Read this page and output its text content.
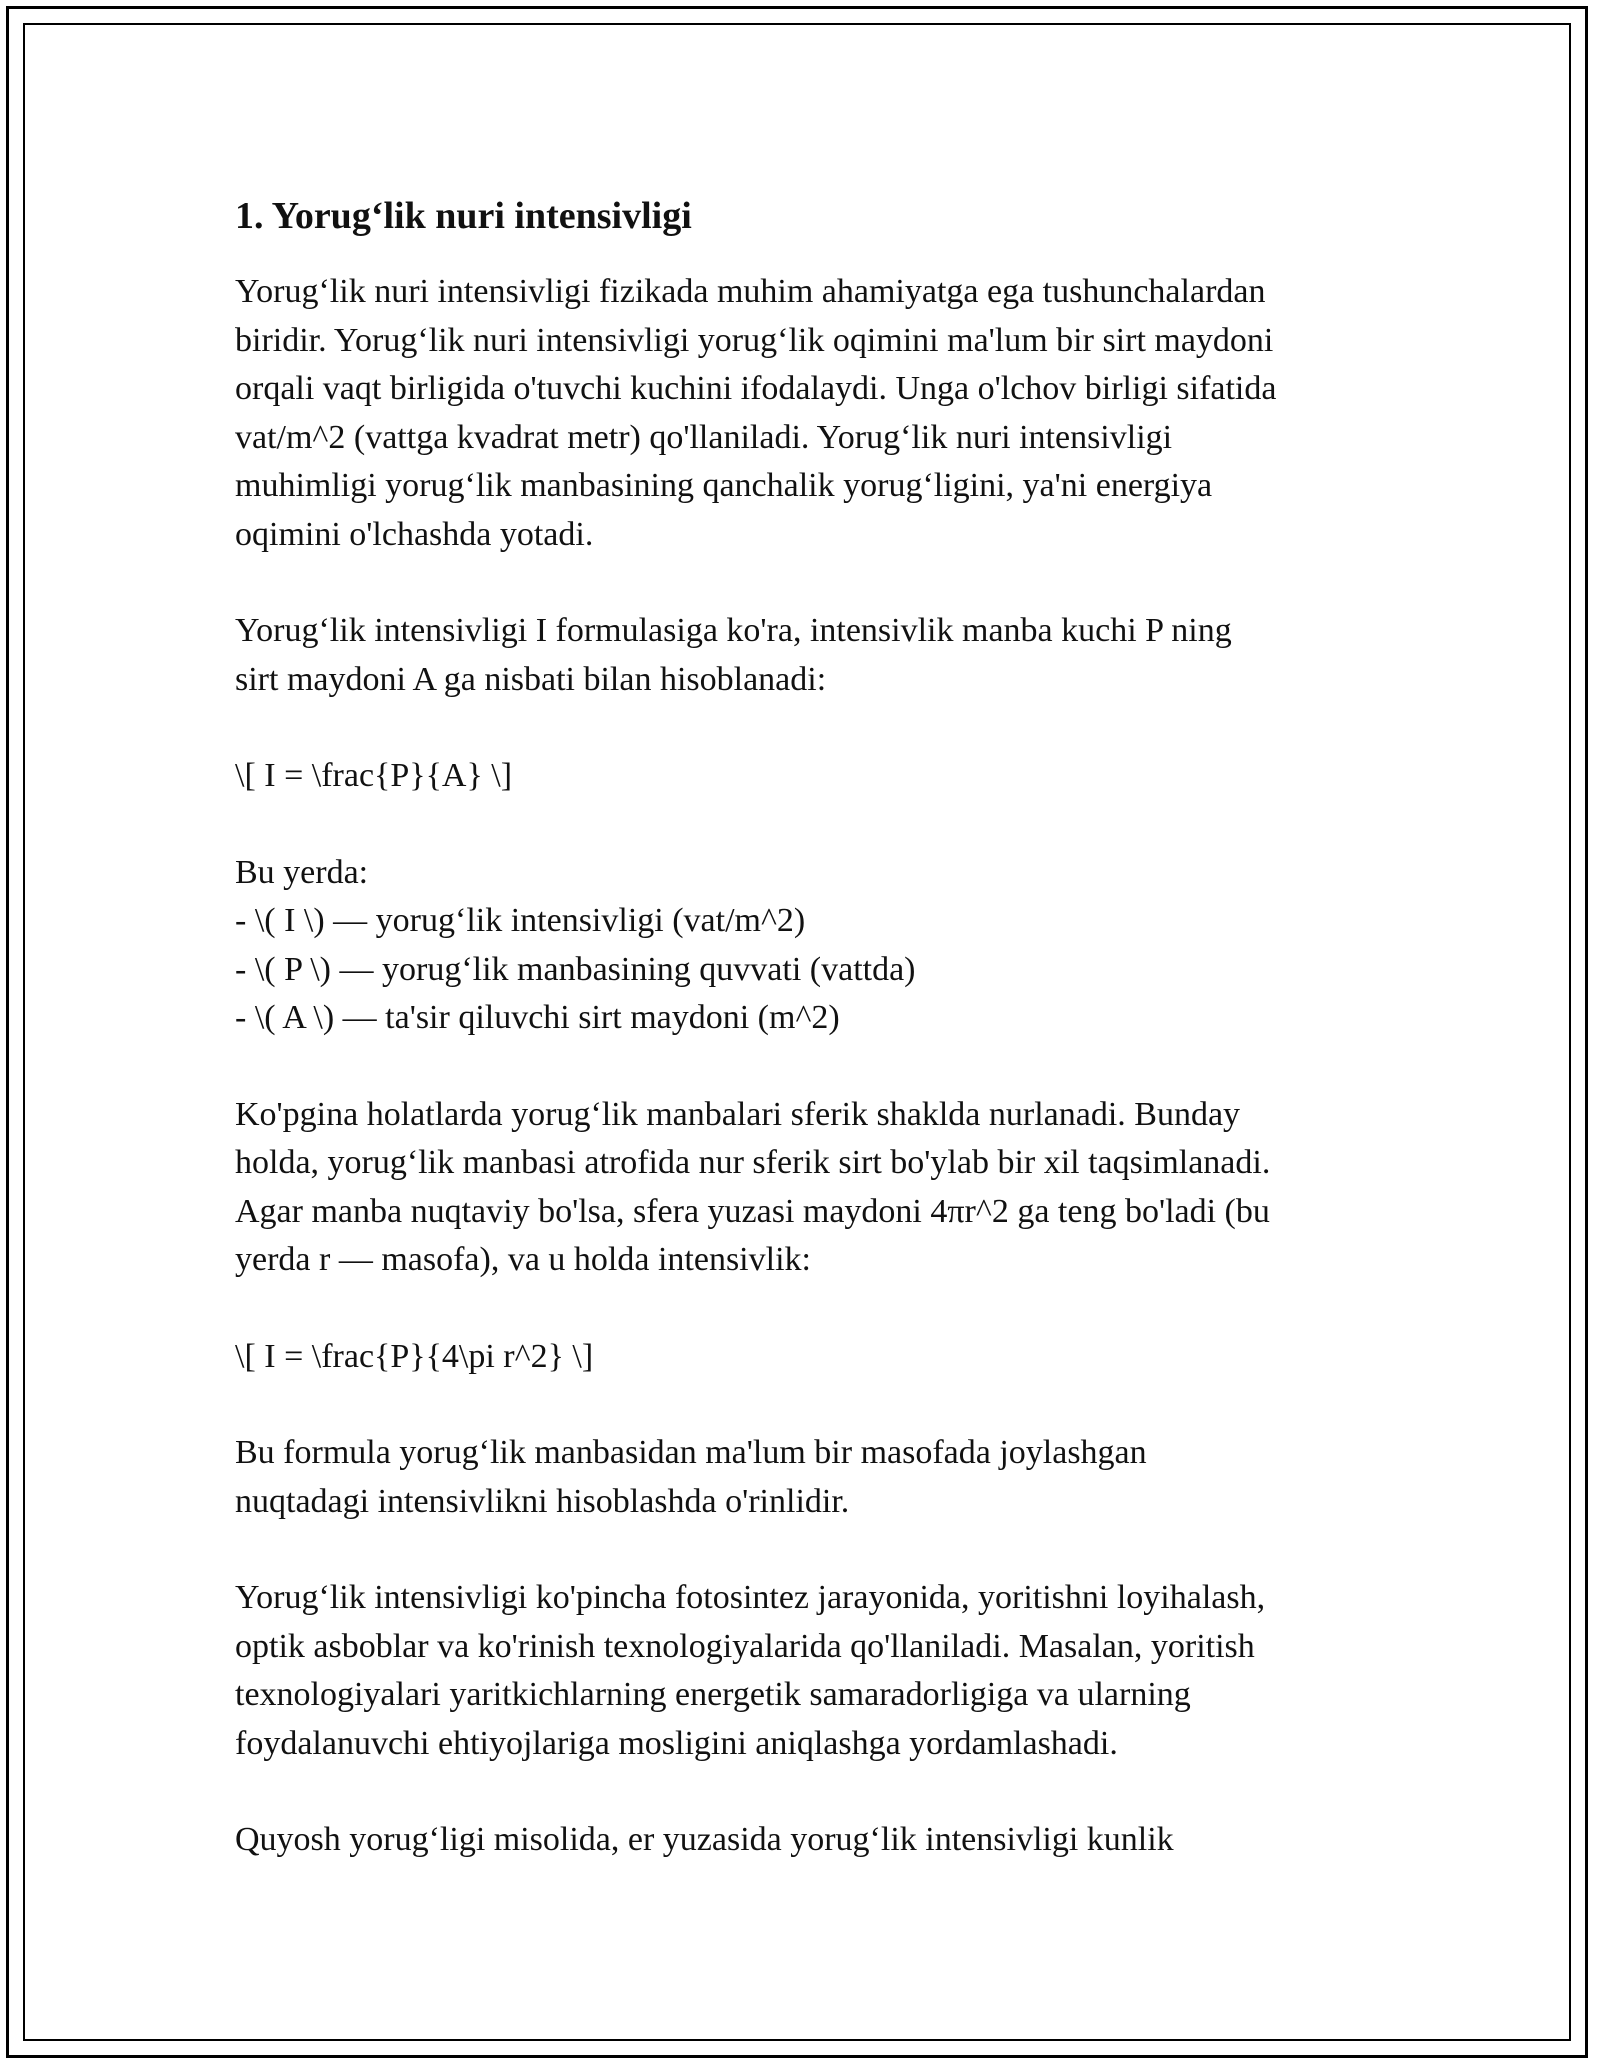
1. Yorug‘lik nuri intensivligi

Yorug‘lik nuri intensivligi fizikada muhim ahamiyatga ega tushunchalardan
biridir. Yorug‘lik nuri intensivligi yorug‘lik oqimini ma'lum bir sirt maydoni
orqali vaqt birligida o'tuvchi kuchini ifodalaydi. Unga o'lchov birligi sifatida
vat/m^2 (vattga kvadrat metr) qo'llaniladi. Yorug‘lik nuri intensivligi
muhimligi yorug‘lik manbasining qanchalik yorug‘ligini, ya'ni energiya
oqimini o'lchashda yotadi.

Yorug‘lik intensivligi I formulasiga ko'ra, intensivlik manba kuchi P ning
sirt maydoni A ga nisbati bilan hisoblanadi:

\[ I = \frac{P}{A} \]

Bu yerda:
- \( I \) — yorug‘lik intensivligi (vat/m^2)
- \( P \) — yorug‘lik manbasining quvvati (vattda)
- \( A \) — ta'sir qiluvchi sirt maydoni (m^2)

Ko'pgina holatlarda yorug‘lik manbalari sferik shaklda nurlanadi. Bunday
holda, yorug‘lik manbasi atrofida nur sferik sirt bo'ylab bir xil taqsimlanadi.
Agar manba nuqtaviy bo'lsa, sfera yuzasi maydoni 4πr^2 ga teng bo'ladi (bu
yerda r — masofa), va u holda intensivlik:

\[ I = \frac{P}{4\pi r^2} \]

Bu formula yorug‘lik manbasidan ma'lum bir masofada joylashgan
nuqtadagi intensivlikni hisoblashda o'rinlidir.

Yorug‘lik intensivligi ko'pincha fotosintez jarayonida, yoritishni loyihalash,
optik asboblar va ko'rinish texnologiyalarida qo'llaniladi. Masalan, yoritish
texnologiyalari yaritkichlarning energetik samaradorligiga va ularning
foydalanuvchi ehtiyojlariga mosligini aniqlashga yordamlashadi.

Quyosh yorug‘ligi misolida, er yuzasida yorug‘lik intensivligi kunlik
